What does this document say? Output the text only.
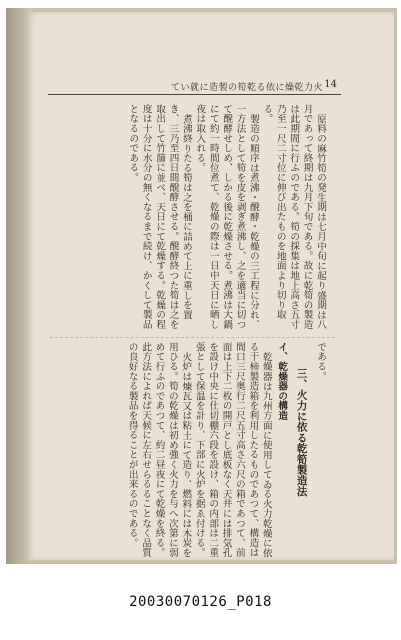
てい就に造製の筍乾る依に燥乾力火 14

原料の麻竹筍の発生期は七月中旬に起り盛期は八月であって終期は九月下旬である。故に乾筍の製造は此期間に行ふのである。筍の採集は地上高さ五寸乃至一尺二寸位に伸び出たものを地面より切り取る。

製造の順序は煮沸・醗酵・乾燥の三工程に分れ、一方法として筍を皮を剥ぎ煮沸し、之を適当に切つて醗酵せしめ、しかる後に乾燥させる。煮沸は大鍋にて約一時間位煮て、乾燥の際は一日中天日に晒し夜は取入れる。

煮沸終りたる筍は之を桶に詰めて上に重しを置き、三乃至四日間醗酵させる。醗酵終つた筍は之を取出して竹篩に並べ、天日にて乾燥する。乾燥の程度は十分に水分の無くなるまで続け、かくして製品となるのである。

である。

三、火力に依る乾筍製造法
イ、乾燥器の構造

乾燥器は九州方面に使用してゐる火力乾燥に依る干柿製造箱を利用したるものであつて、構造は間口三尺奥行二尺五寸高さ六尺の箱であつて、前面は上下二枚の開戸とし底板なく天井には排気孔を設け中央に仕切棚六段を設け、箱の内部は二重張として保温を計り、下部に火炉を据ゑ付ける。

火炉は煉瓦又は粘土にて造り、燃料には木炭を用ひる。筍の乾燥は初め強く火力を与へ次第に弱めて行ふのであつて、約二昼夜にて乾燥を終る。此方法によれば天候に左右せらるることなく品質の良好なる製品を得ることが出来るのである。

20030070126_P018
